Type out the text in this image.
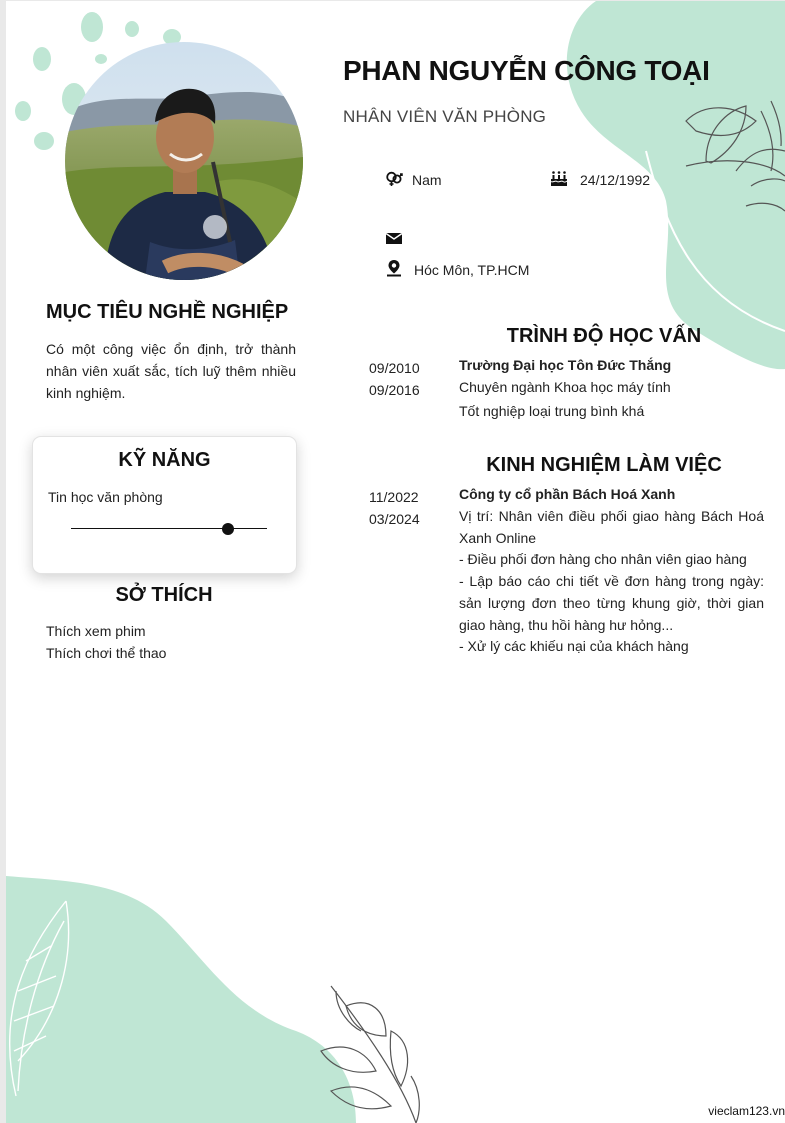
PHAN NGUYỄN CÔNG TOẠI
NHÂN VIÊN VĂN PHÒNG
Nam	24/12/1992
Hóc Môn, TP.HCM
MỤC TIÊU NGHỀ NGHIỆP
Có một công việc ổn định, trở thành nhân viên xuất sắc, tích luỹ thêm nhiều kinh nghiệm.
KỸ NĂNG
Tin học văn phòng
SỞ THÍCH
Thích xem phim
Thích chơi thể thao
TRÌNH ĐỘ HỌC VẤN
09/2010
09/2016
Trường Đại học Tôn Đức Thắng
Chuyên ngành Khoa học máy tính
Tốt nghiệp loại trung bình khá
KINH NGHIỆM LÀM VIỆC
11/2022
03/2024
Công ty cổ phần Bách Hoá Xanh
Vị trí: Nhân viên điều phối giao hàng Bách Hoá Xanh Online
- Điều phối đơn hàng cho nhân viên giao hàng
- Lập báo cáo chi tiết về đơn hàng trong ngày: sản lượng đơn theo từng khung giờ, thời gian giao hàng, thu hồi hàng hư hỏng...
- Xử lý các khiếu nại của khách hàng
vieclam123.vn
